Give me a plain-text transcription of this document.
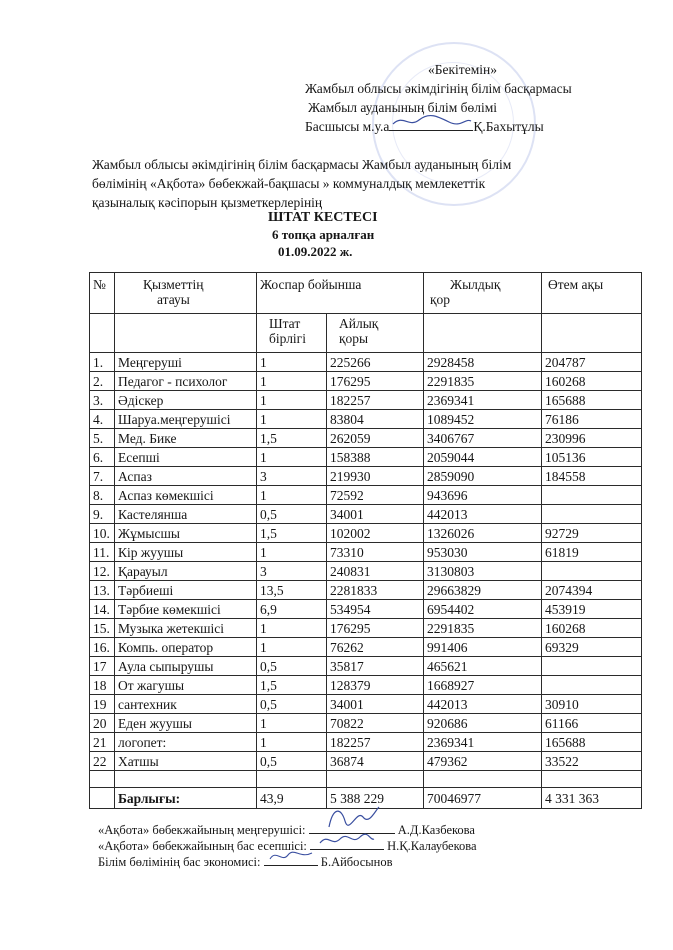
«Бекітемін»
Жамбыл облысы әкімдігінің білім басқармасы
Жамбыл ауданының білім бөлімі
Басшысы м.у.а	Қ.Бахытұлы
Жамбыл облысы әкімдігінің білім басқармасы Жамбыл ауданының білім
бөлімінің «Ақбота» бөбекжай-бақшасы » коммуналдық мемлекеттік
қазыналық кәсіпорын қызметкерлерінің
ШТАТ КЕСТЕСІ
6 топқа арналған
01.09.2022 ж.
№	Қызметтің
атауы	Жоспар бойынша		Жылдық
қор	Өтем ақы
		Штат
бірлігі	Айлық
қоры		
1.	Меңгеруші	1	225266	2928458	204787
2.	Педагог - психолог	1	176295	2291835	160268
3.	Әдіскер	1	182257	2369341	165688
4.	Шаруа.меңгерушісі	1	83804	1089452	76186
5.	Мед. Бике	1,5	262059	3406767	230996
6.	Есепші	1	158388	2059044	105136
7.	Аспаз	3	219930	2859090	184558
8.	Аспаз көмекшісі	1	72592	943696	
9.	Кастелянша	0,5	34001	442013	
10.	Жұмысшы	1,5	102002	1326026	92729
11.	Кір жуушы	1	73310	953030	61819
12.	Қарауыл	3	240831	3130803	
13.	Тәрбиеші	13,5	2281833	29663829	2074394
14.	Тәрбие көмекшісі	6,9	534954	6954402	453919
15.	Музыка жетекшісі	1	176295	2291835	160268
16.	Компь. оператор	1	76262	991406	69329
17	Аула сыпырушы	0,5	35817	465621	
18	От жагушы	1,5	128379	1668927	
19	сантехник	0,5	34001	442013	30910
20	Еден жуушы	1	70822	920686	61166
21	логопет:	1	182257	2369341	165688
22	Хатшы	0,5	36874	479362	33522

	Барлығы:	43,9	5 388 229	70046977	4 331 363
«Ақбота» бөбекжайының меңгерушісі:	А.Д.Казбекова
«Ақбота» бөбекжайының бас есепшісі:	Н.Қ.Калаубекова
Білім бөлімінің бас экономисі:	Б.Айбосынов
